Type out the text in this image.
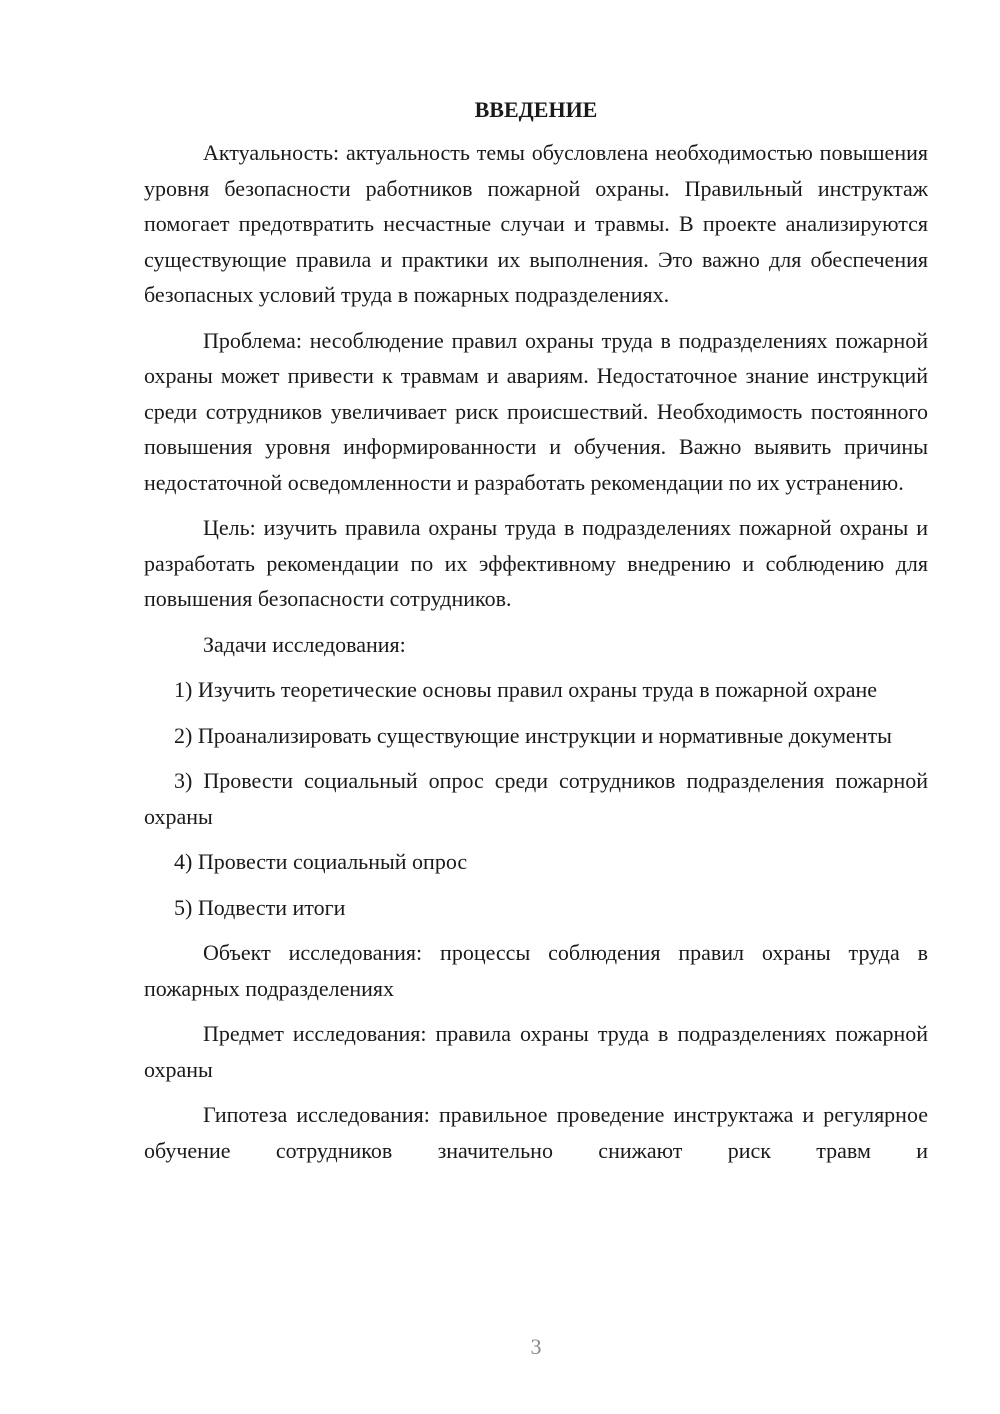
ВВЕДЕНИЕ

Актуальность: актуальность темы обусловлена необходимостью повышения уровня безопасности работников пожарной охраны. Правильный инструктаж помогает предотвратить несчастные случаи и травмы. В проекте анализируются существующие правила и практики их выполнения. Это важно для обеспечения безопасных условий труда в пожарных подразделениях.

Проблема: несоблюдение правил охраны труда в подразделениях пожарной охраны может привести к травмам и авариям. Недостаточное знание инструкций среди сотрудников увеличивает риск происшествий. Необходимость постоянного повышения уровня информированности и обучения. Важно выявить причины недостаточной осведомленности и разработать рекомендации по их устранению.

Цель: изучить правила охраны труда в подразделениях пожарной охраны и разработать рекомендации по их эффективному внедрению и соблюдению для повышения безопасности сотрудников.

Задачи исследования:

1) Изучить теоретические основы правил охраны труда в пожарной охране

2) Проанализировать существующие инструкции и нормативные документы

3) Провести социальный опрос среди сотрудников подразделения пожарной охраны

4) Провести социальный опрос

5) Подвести итоги

Объект исследования: процессы соблюдения правил охраны труда в пожарных подразделениях

Предмет исследования: правила охраны труда в подразделениях пожарной охраны

Гипотеза исследования: правильное проведение инструктажа и регулярное обучение сотрудников значительно снижают риск травм и

3
